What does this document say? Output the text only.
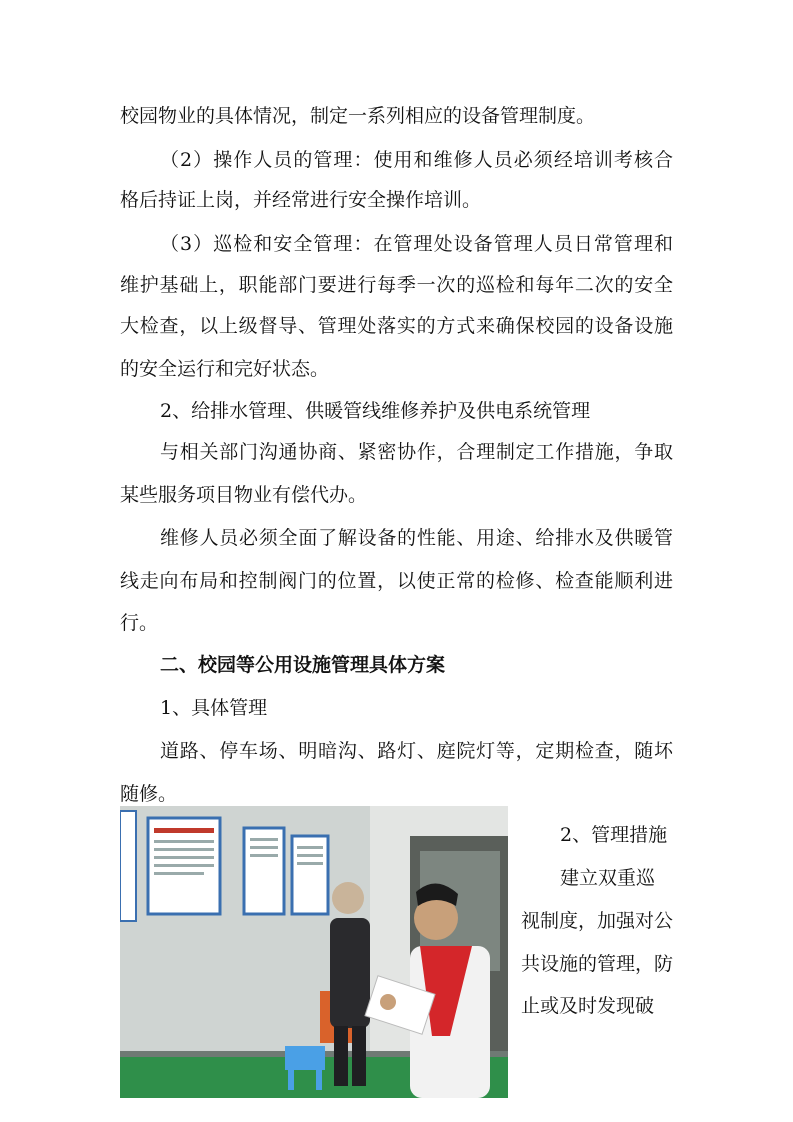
校园物业的具体情况，制定一系列相应的设备管理制度。
（2）操作人员的管理：使用和维修人员必须经培训考核合
格后持证上岗，并经常进行安全操作培训。
（3）巡检和安全管理：在管理处设备管理人员日常管理和
维护基础上，职能部门要进行每季一次的巡检和每年二次的安全
大检查，以上级督导、管理处落实的方式来确保校园的设备设施
的安全运行和完好状态。
2、给排水管理、供暖管线维修养护及供电系统管理
与相关部门沟通协商、紧密协作，合理制定工作措施，争取
某些服务项目物业有偿代办。
维修人员必须全面了解设备的性能、用途、给排水及供暖管
线走向布局和控制阀门的位置，以使正常的检修、检查能顺利进
行。
二、校园等公用设施管理具体方案
1、具体管理
道路、停车场、明暗沟、路灯、庭院灯等，定期检查，随坏
随修。
2、管理措施
建立双重巡
视制度，加强对公
共设施的管理，防
止或及时发现破
